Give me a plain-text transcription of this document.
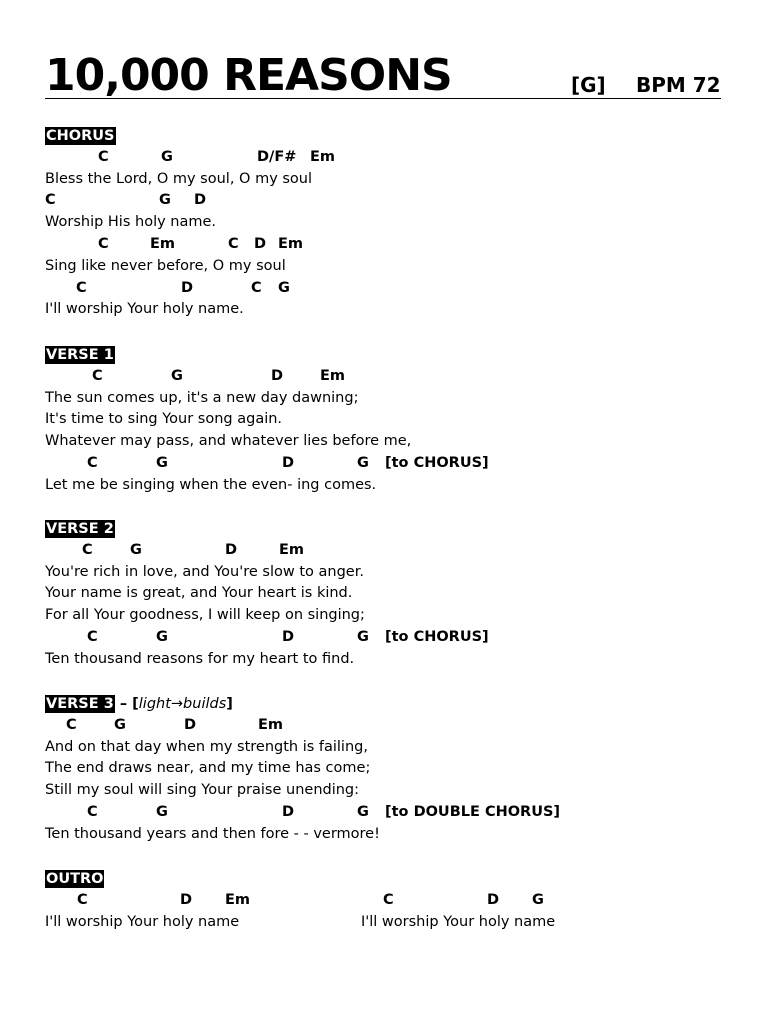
10,000 REASONS	[G] BPM 72
CHORUS
C	G	D/F# Em
Bless the Lord, O my soul, O my soul
C	G D
Worship His holy name.
C	Em	C D Em
Sing like never before, O my soul
C	D	C G
I'll worship Your holy name.
VERSE 1
C	G	D	Em
The sun comes up, it's a new day dawning;
It's time to sing Your song again.
Whatever may pass, and whatever lies before me,
C	G	D	G [to CHORUS]
Let me be singing when the even- ing comes.
VERSE 2
C	G	D	Em
You're rich in love, and You're slow to anger.
Your name is great, and Your heart is kind.
For all Your goodness, I will keep on singing;
C	G	D	G [to CHORUS]
Ten thousand reasons for my heart to find.
VERSE 3 – [light→builds]
C	G	D	Em
And on that day when my strength is failing,
The end draws near, and my time has come;
Still my soul will sing Your praise unending:
C	G	D	G [to DOUBLE CHORUS]
Ten thousand years and then fore - - vermore!
OUTRO
C	D Em	C	D G
I'll worship Your holy name	I'll worship Your holy name
